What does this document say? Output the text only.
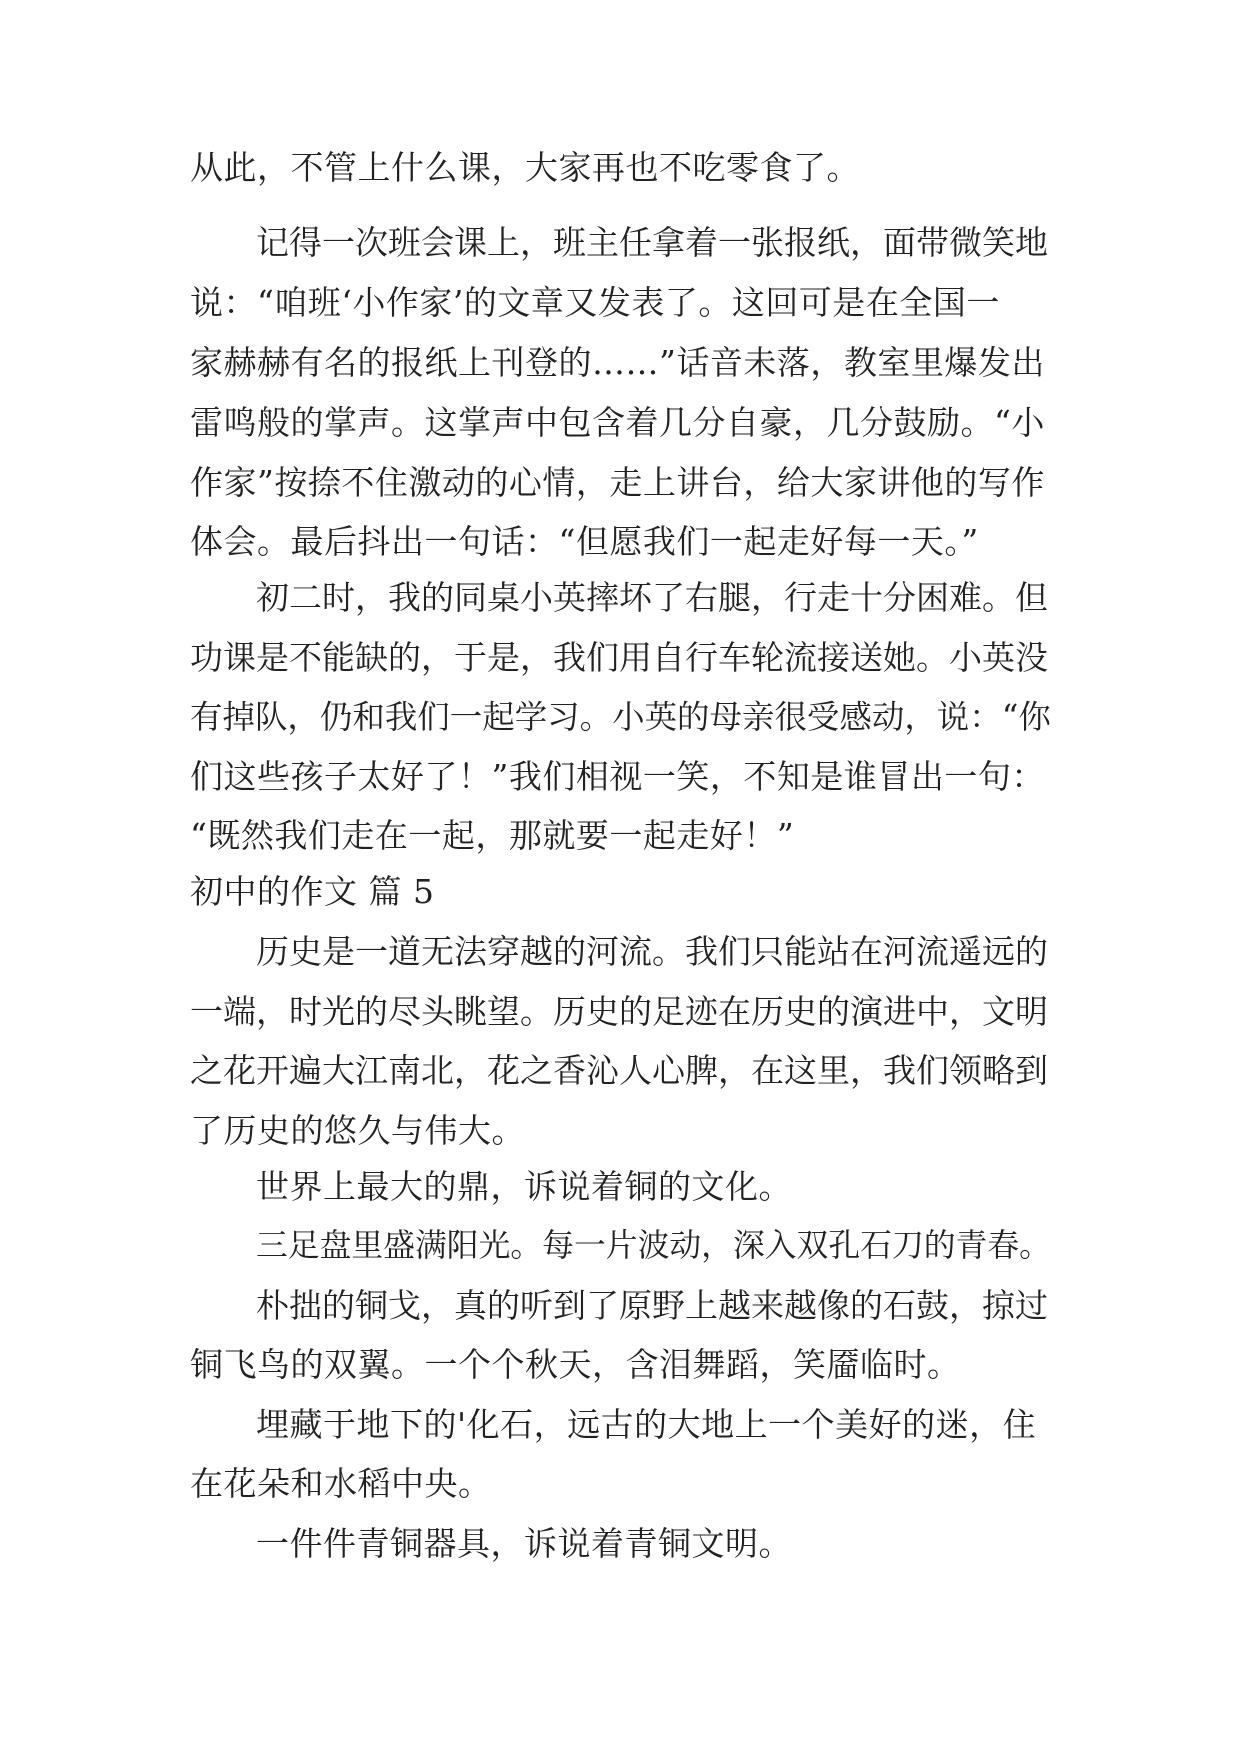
从此，不管上什么课，大家再也不吃零食了。
记得一次班会课上，班主任拿着一张报纸，面带微笑地
说：“咱班‘小作家’的文章又发表了。这回可是在全国一
家赫赫有名的报纸上刊登的……”话音未落，教室里爆发出
雷鸣般的掌声。这掌声中包含着几分自豪，几分鼓励。“小
作家”按捺不住激动的心情，走上讲台，给大家讲他的写作
体会。最后抖出一句话：“但愿我们一起走好每一天。”
初二时，我的同桌小英摔坏了右腿，行走十分困难。但
功课是不能缺的，于是，我们用自行车轮流接送她。小英没
有掉队，仍和我们一起学习。小英的母亲很受感动，说：“你
们这些孩子太好了！”我们相视一笑，不知是谁冒出一句：
“既然我们走在一起，那就要一起走好！”
初中的作文 篇 5
历史是一道无法穿越的河流。我们只能站在河流遥远的
一端，时光的尽头眺望。历史的足迹在历史的演进中，文明
之花开遍大江南北，花之香沁人心脾，在这里，我们领略到
了历史的悠久与伟大。
世界上最大的鼎，诉说着铜的文化。
三足盘里盛满阳光。每一片波动，深入双孔石刀的青春。
朴拙的铜戈，真的听到了原野上越来越像的石鼓，掠过
铜飞鸟的双翼。一个个秋天，含泪舞蹈，笑靥临时。
埋藏于地下的'化石，远古的大地上一个美好的迷，住
在花朵和水稻中央。
一件件青铜器具，诉说着青铜文明。
